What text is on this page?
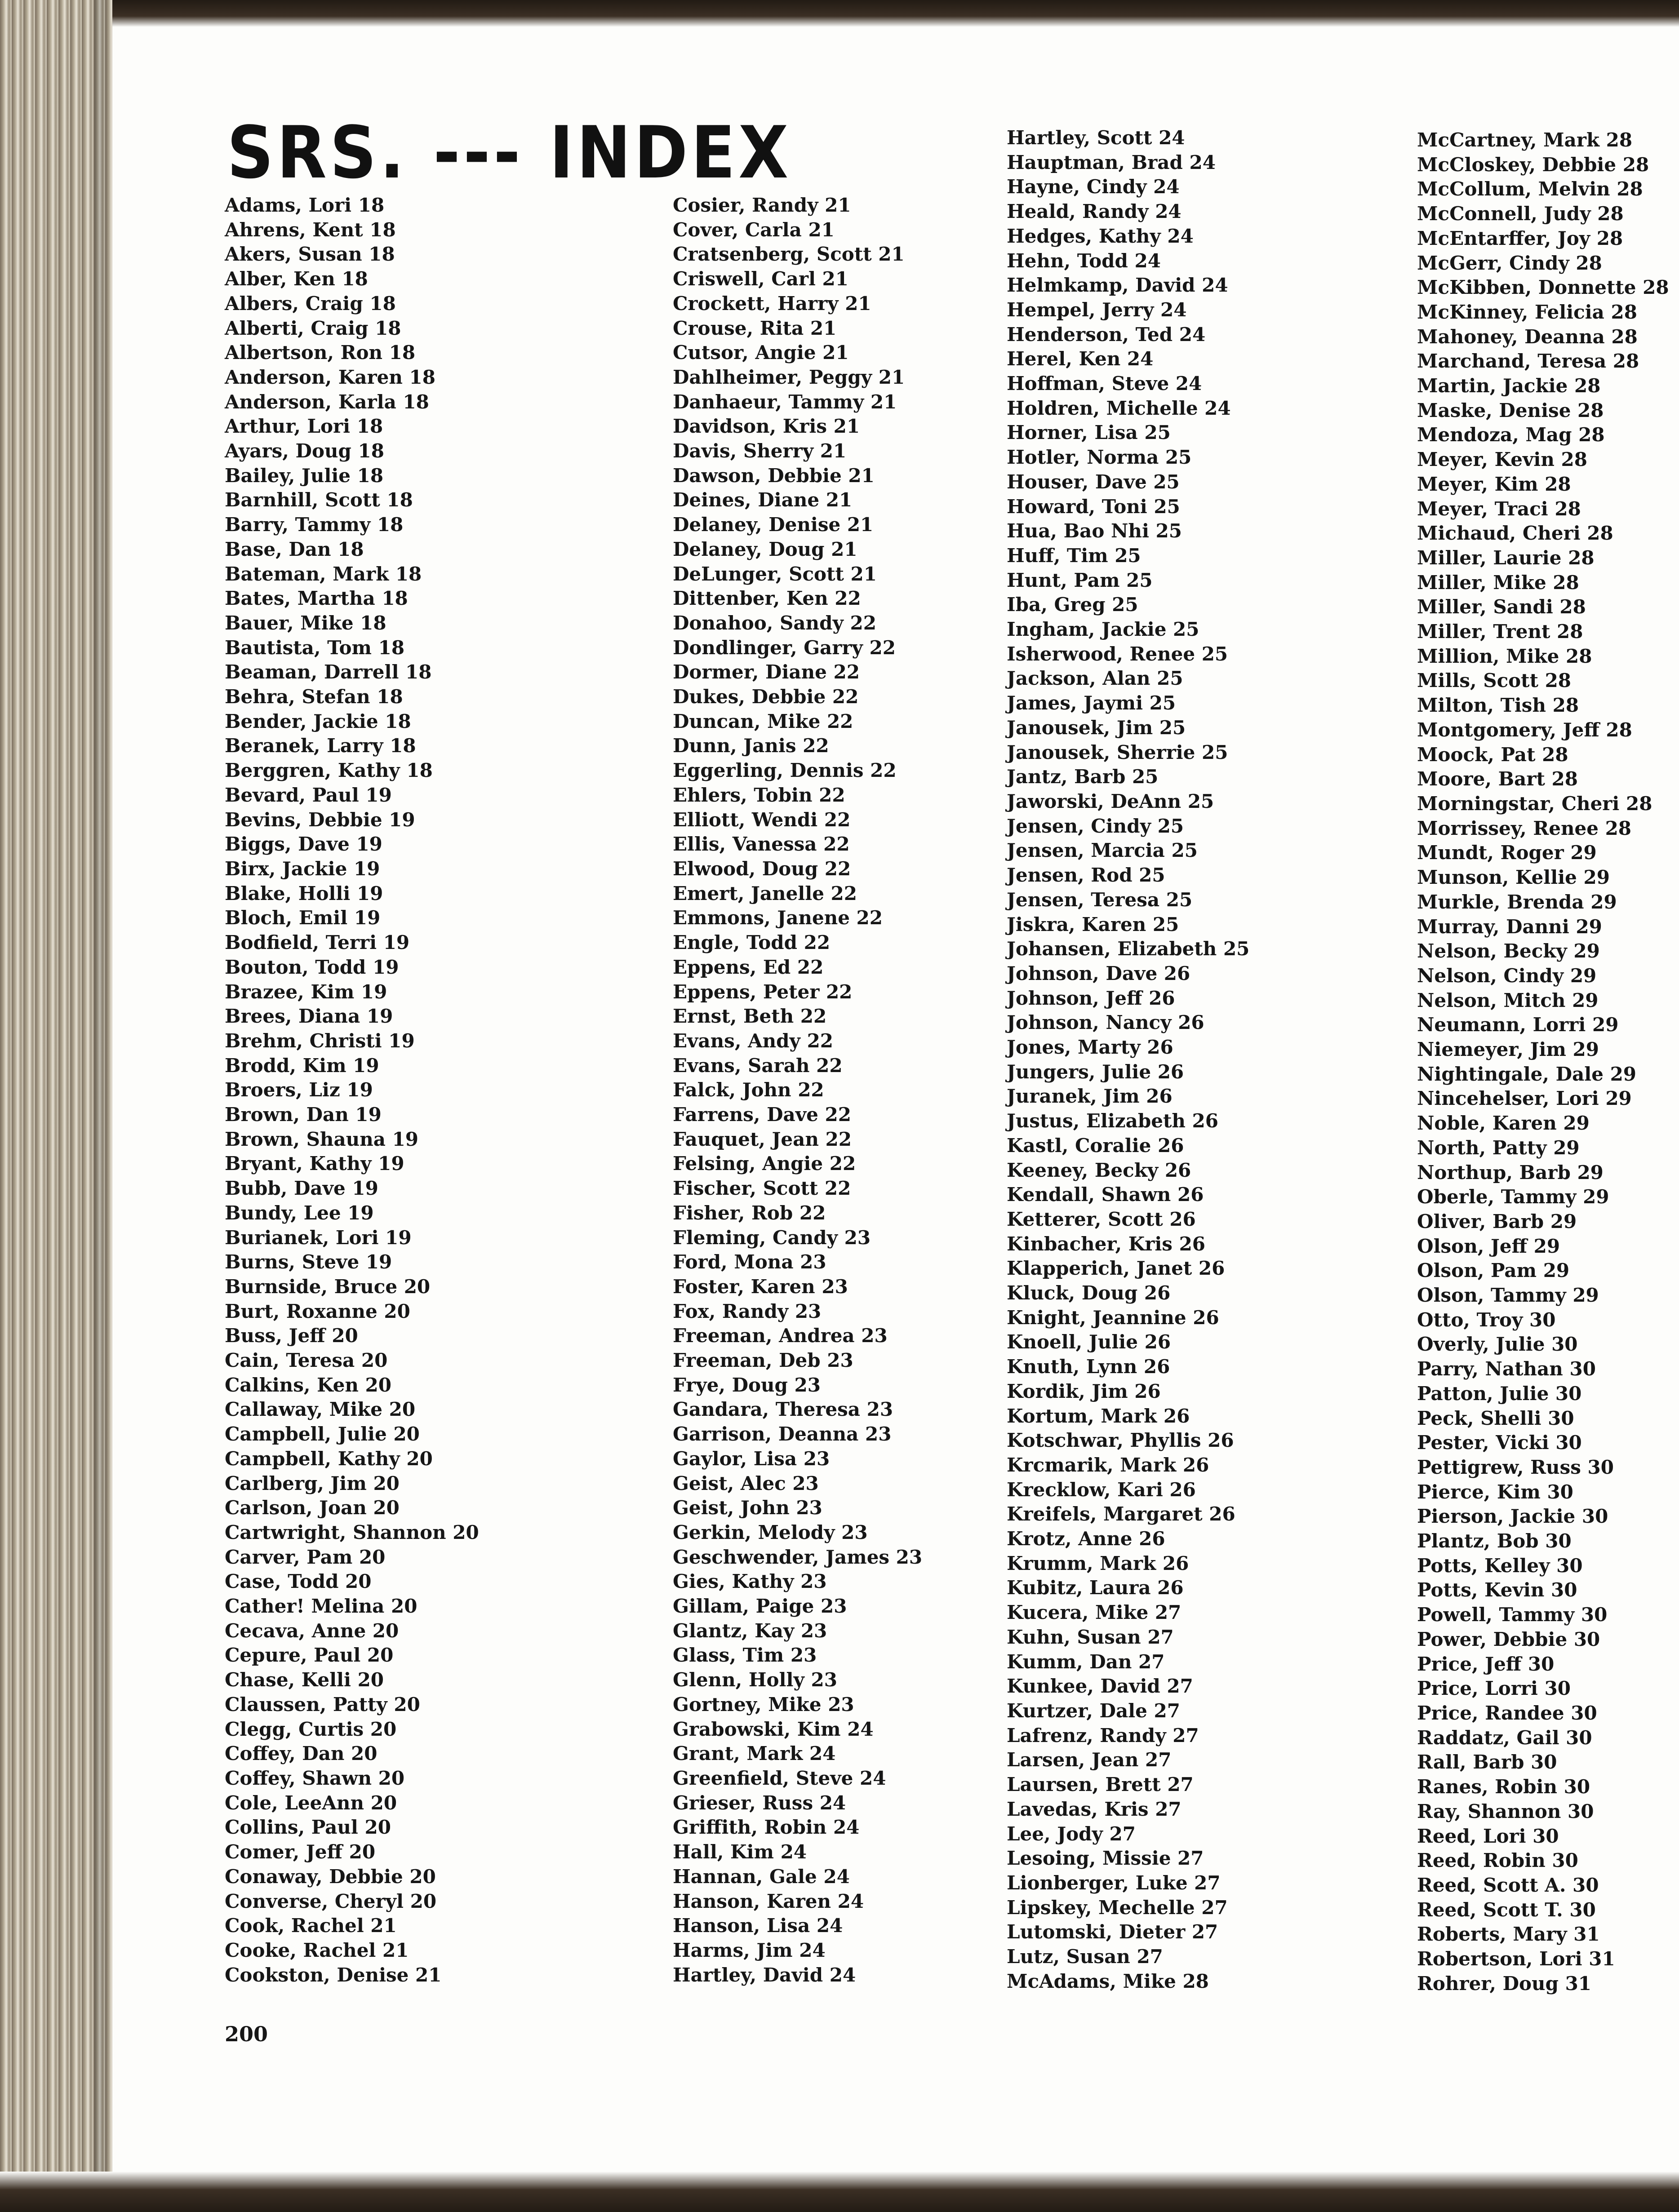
SRS. --- INDEX
Adams, Lori 18
Ahrens, Kent 18
Akers, Susan 18
Alber, Ken 18
Albers, Craig 18
Alberti, Craig 18
Albertson, Ron 18
Anderson, Karen 18
Anderson, Karla 18
Arthur, Lori 18
Ayars, Doug 18
Bailey, Julie 18
Barnhill, Scott 18
Barry, Tammy 18
Base, Dan 18
Bateman, Mark 18
Bates, Martha 18
Bauer, Mike 18
Bautista, Tom 18
Beaman, Darrell 18
Behra, Stefan 18
Bender, Jackie 18
Beranek, Larry 18
Berggren, Kathy 18
Bevard, Paul 19
Bevins, Debbie 19
Biggs, Dave 19
Birx, Jackie 19
Blake, Holli 19
Bloch, Emil 19
Bodfield, Terri 19
Bouton, Todd 19
Brazee, Kim 19
Brees, Diana 19
Brehm, Christi 19
Brodd, Kim 19
Broers, Liz 19
Brown, Dan 19
Brown, Shauna 19
Bryant, Kathy 19
Bubb, Dave 19
Bundy, Lee 19
Burianek, Lori 19
Burns, Steve 19
Burnside, Bruce 20
Burt, Roxanne 20
Buss, Jeff 20
Cain, Teresa 20
Calkins, Ken 20
Callaway, Mike 20
Campbell, Julie 20
Campbell, Kathy 20
Carlberg, Jim 20
Carlson, Joan 20
Cartwright, Shannon 20
Carver, Pam 20
Case, Todd 20
Cather! Melina 20
Cecava, Anne 20
Cepure, Paul 20
Chase, Kelli 20
Claussen, Patty 20
Clegg, Curtis 20
Coffey, Dan 20
Coffey, Shawn 20
Cole, LeeAnn 20
Collins, Paul 20
Comer, Jeff 20
Conaway, Debbie 20
Converse, Cheryl 20
Cook, Rachel 21
Cooke, Rachel 21
Cookston, Denise 21
Cosier, Randy 21
Cover, Carla 21
Cratsenberg, Scott 21
Criswell, Carl 21
Crockett, Harry 21
Crouse, Rita 21
Cutsor, Angie 21
Dahlheimer, Peggy 21
Danhaeur, Tammy 21
Davidson, Kris 21
Davis, Sherry 21
Dawson, Debbie 21
Deines, Diane 21
Delaney, Denise 21
Delaney, Doug 21
DeLunger, Scott 21
Dittenber, Ken 22
Donahoo, Sandy 22
Dondlinger, Garry 22
Dormer, Diane 22
Dukes, Debbie 22
Duncan, Mike 22
Dunn, Janis 22
Eggerling, Dennis 22
Ehlers, Tobin 22
Elliott, Wendi 22
Ellis, Vanessa 22
Elwood, Doug 22
Emert, Janelle 22
Emmons, Janene 22
Engle, Todd 22
Eppens, Ed 22
Eppens, Peter 22
Ernst, Beth 22
Evans, Andy 22
Evans, Sarah 22
Falck, John 22
Farrens, Dave 22
Fauquet, Jean 22
Felsing, Angie 22
Fischer, Scott 22
Fisher, Rob 22
Fleming, Candy 23
Ford, Mona 23
Foster, Karen 23
Fox, Randy 23
Freeman, Andrea 23
Freeman, Deb 23
Frye, Doug 23
Gandara, Theresa 23
Garrison, Deanna 23
Gaylor, Lisa 23
Geist, Alec 23
Geist, John 23
Gerkin, Melody 23
Geschwender, James 23
Gies, Kathy 23
Gillam, Paige 23
Glantz, Kay 23
Glass, Tim 23
Glenn, Holly 23
Gortney, Mike 23
Grabowski, Kim 24
Grant, Mark 24
Greenfield, Steve 24
Grieser, Russ 24
Griffith, Robin 24
Hall, Kim 24
Hannan, Gale 24
Hanson, Karen 24
Hanson, Lisa 24
Harms, Jim 24
Hartley, David 24
Hartley, Scott 24
Hauptman, Brad 24
Hayne, Cindy 24
Heald, Randy 24
Hedges, Kathy 24
Hehn, Todd 24
Helmkamp, David 24
Hempel, Jerry 24
Henderson, Ted 24
Herel, Ken 24
Hoffman, Steve 24
Holdren, Michelle 24
Horner, Lisa 25
Hotler, Norma 25
Houser, Dave 25
Howard, Toni 25
Hua, Bao Nhi 25
Huff, Tim 25
Hunt, Pam 25
Iba, Greg 25
Ingham, Jackie 25
Isherwood, Renee 25
Jackson, Alan 25
James, Jaymi 25
Janousek, Jim 25
Janousek, Sherrie 25
Jantz, Barb 25
Jaworski, DeAnn 25
Jensen, Cindy 25
Jensen, Marcia 25
Jensen, Rod 25
Jensen, Teresa 25
Jiskra, Karen 25
Johansen, Elizabeth 25
Johnson, Dave 26
Johnson, Jeff 26
Johnson, Nancy 26
Jones, Marty 26
Jungers, Julie 26
Juranek, Jim 26
Justus, Elizabeth 26
Kastl, Coralie 26
Keeney, Becky 26
Kendall, Shawn 26
Ketterer, Scott 26
Kinbacher, Kris 26
Klapperich, Janet 26
Kluck, Doug 26
Knight, Jeannine 26
Knoell, Julie 26
Knuth, Lynn 26
Kordik, Jim 26
Kortum, Mark 26
Kotschwar, Phyllis 26
Krcmarik, Mark 26
Krecklow, Kari 26
Kreifels, Margaret 26
Krotz, Anne 26
Krumm, Mark 26
Kubitz, Laura 26
Kucera, Mike 27
Kuhn, Susan 27
Kumm, Dan 27
Kunkee, David 27
Kurtzer, Dale 27
Lafrenz, Randy 27
Larsen, Jean 27
Laursen, Brett 27
Lavedas, Kris 27
Lee, Jody 27
Lesoing, Missie 27
Lionberger, Luke 27
Lipskey, Mechelle 27
Lutomski, Dieter 27
Lutz, Susan 27
McAdams, Mike 28
McCartney, Mark 28
McCloskey, Debbie 28
McCollum, Melvin 28
McConnell, Judy 28
McEntarffer, Joy 28
McGerr, Cindy 28
McKibben, Donnette 28
McKinney, Felicia 28
Mahoney, Deanna 28
Marchand, Teresa 28
Martin, Jackie 28
Maske, Denise 28
Mendoza, Mag 28
Meyer, Kevin 28
Meyer, Kim 28
Meyer, Traci 28
Michaud, Cheri 28
Miller, Laurie 28
Miller, Mike 28
Miller, Sandi 28
Miller, Trent 28
Million, Mike 28
Mills, Scott 28
Milton, Tish 28
Montgomery, Jeff 28
Moock, Pat 28
Moore, Bart 28
Morningstar, Cheri 28
Morrissey, Renee 28
Mundt, Roger 29
Munson, Kellie 29
Murkle, Brenda 29
Murray, Danni 29
Nelson, Becky 29
Nelson, Cindy 29
Nelson, Mitch 29
Neumann, Lorri 29
Niemeyer, Jim 29
Nightingale, Dale 29
Nincehelser, Lori 29
Noble, Karen 29
North, Patty 29
Northup, Barb 29
Oberle, Tammy 29
Oliver, Barb 29
Olson, Jeff 29
Olson, Pam 29
Olson, Tammy 29
Otto, Troy 30
Overly, Julie 30
Parry, Nathan 30
Patton, Julie 30
Peck, Shelli 30
Pester, Vicki 30
Pettigrew, Russ 30
Pierce, Kim 30
Pierson, Jackie 30
Plantz, Bob 30
Potts, Kelley 30
Potts, Kevin 30
Powell, Tammy 30
Power, Debbie 30
Price, Jeff 30
Price, Lorri 30
Price, Randee 30
Raddatz, Gail 30
Rall, Barb 30
Ranes, Robin 30
Ray, Shannon 30
Reed, Lori 30
Reed, Robin 30
Reed, Scott A. 30
Reed, Scott T. 30
Roberts, Mary 31
Robertson, Lori 31
Rohrer, Doug 31
200
